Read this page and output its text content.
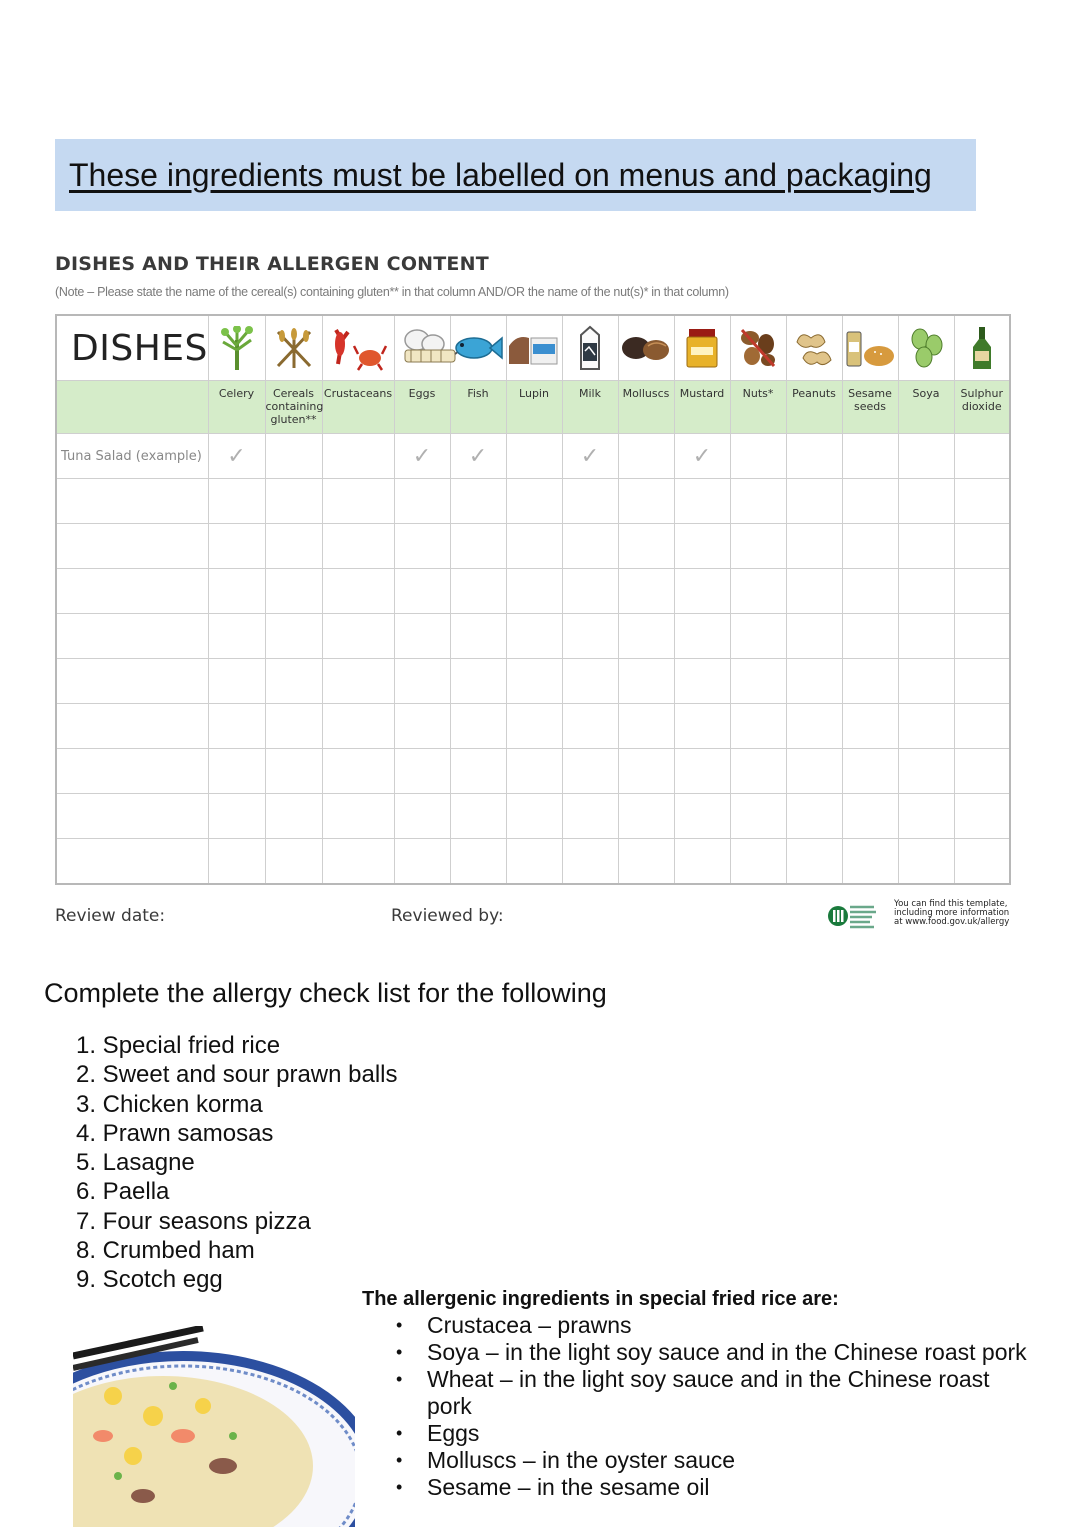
These ingredients must be labelled on menus and packaging
DISHES AND THEIR ALLERGEN CONTENT
(Note – Please state the name of the cereal(s) containing gluten** in that column AND/OR the name of the nut(s)* in that column)
DISHES	

	Celery	Cereals containing gluten**	Crustaceans	Eggs	Fish	Lupin	Milk	Molluscs	Mustard	Nuts*	Peanuts	Sesame seeds	Soya	Sulphur dioxide
Tuna Salad (example)	✓			✓	✓		✓		✓					

Review date:	Reviewed by:
You can find this template, including more information at www.food.gov.uk/allergy
Complete the allergy check list for the following
1. Special fried rice
2. Sweet and sour prawn balls
3. Chicken korma
4. Prawn samosas
5. Lasagne
6. Paella
7. Four seasons pizza
8. Crumbed ham
9. Scotch egg
The allergenic ingredients in special fried rice are:
• Crustacea – prawns
• Soya – in the light soy sauce and in the Chinese roast pork
• Wheat – in the light soy sauce and in the Chinese roast pork
• Eggs
• Molluscs – in the oyster sauce
• Sesame – in the sesame oil
